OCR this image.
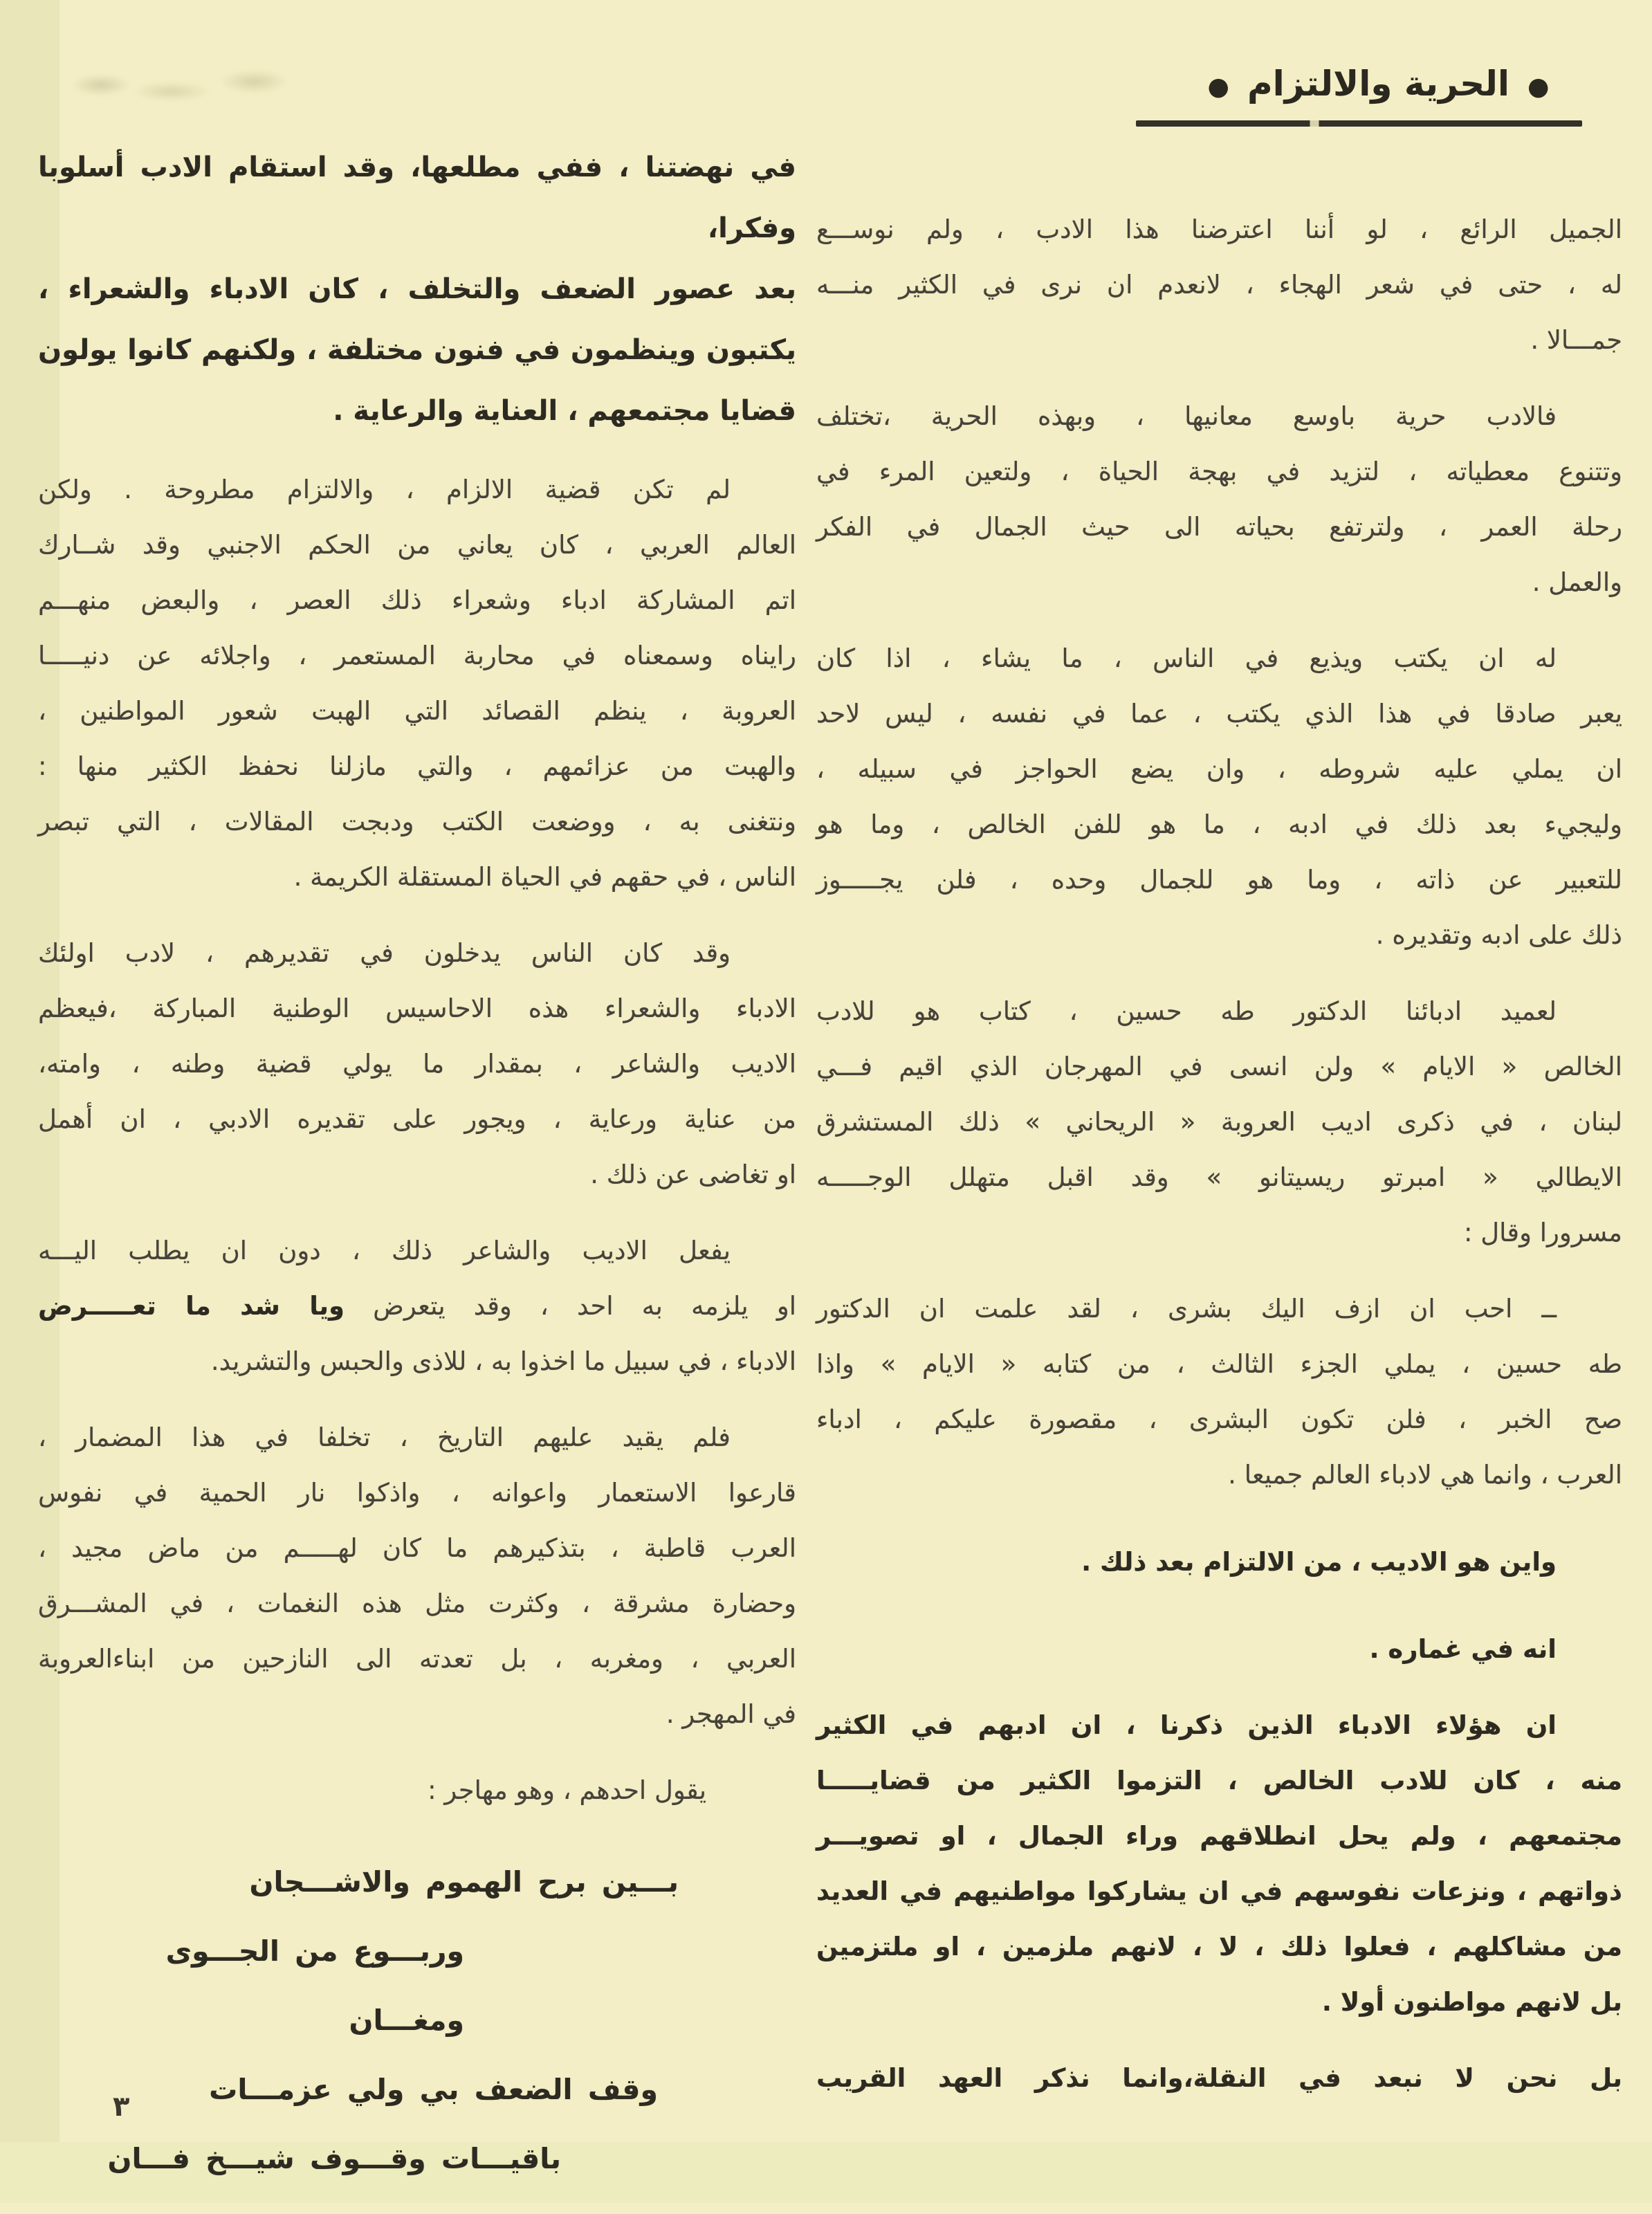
●
الحرية والالتزام
●
الجميل الرائع ، لو أننا اعترضنا هذا الادب ، ولم نوســـع
له ، حتى في شعر الهجاء ، لانعدم ان نرى في الكثير منـــه
جمـــالا .
فالادب حرية باوسع معانيها ، وبهذه الحرية ،تختلف
وتتنوع معطياته ، لتزيد في بهجة الحياة ، ولتعين المرء في
رحلة العمر ، ولترتفع بحياته الى حيث الجمال في الفكر
والعمل .
له ان يكتب ويذيع في الناس ، ما يشاء ، اذا كان
يعبر صادقا في هذا الذي يكتب ، عما في نفسه ، ليس لاحد
ان يملي عليه شروطه ، وان يضع الحواجز في سبيله ،
وليجيء بعد ذلك في ادبه ، ما هو للفن الخالص ، وما هو
للتعبير عن ذاته ، وما هو للجمال وحده ، فلن يجـــــوز
ذلك على ادبه وتقديره .
لعميد ادبائنا الدكتور طه حسين ، كتاب هو للادب
الخالص « الايام » ولن انسى في المهرجان الذي اقيم فـــي
لبنان ، في ذكرى اديب العروبة « الريحاني » ذلك المستشرق
الايطالي « امبرتو ريسيتانو » وقد اقبل متهلل الوجـــــه
مسرورا وقال :
ــ احب ان ازف اليك بشرى ، لقد علمت ان الدكتور
طه حسين ، يملي الجزء الثالث ، من كتابه « الايام » واذا
صح الخبر ، فلن تكون البشرى ، مقصورة عليكم ، ادباء
العرب ، وانما هي لادباء العالم جميعا .
واين هو الاديب ، من الالتزام بعد ذلك .
انه في غماره .
ان هؤلاء الادباء الذين ذكرنا ، ان ادبهم في الكثير
منه ، كان للادب الخالص ، التزموا الكثير من قضايـــــا
مجتمعهم ، ولم يحل انطلاقهم وراء الجمال ، او تصويـــر
ذواتهم ، ونزعات نفوسهم في ان يشاركوا مواطنيهم في العديد
من مشاكلهم ، فعلوا ذلك ، لا ، لانهم ملزمين ، او ملتزمين
بل لانهم مواطنون أولا .
بل نحن لا نبعد في النقلة،وانما نذكر العهد القريب
في نهضتنا ، ففي مطلعها، وقد استقام الادب أسلوبا وفكرا،
بعد عصور الضعف والتخلف ، كان الادباء والشعراء ،
يكتبون وينظمون في فنون مختلفة ، ولكنهم كانوا يولون
قضايا مجتمعهم ، العناية والرعاية .
لم تكن قضية الالزام ، والالتزام مطروحة . ولكن
العالم العربي ، كان يعاني من الحكم الاجنبي وقد شــارك
اتم المشاركة ادباء وشعراء ذلك العصر ، والبعض منهـــم
رايناه وسمعناه في محاربة المستعمر ، واجلائه عن دنيـــــا
العروبة ، ينظم القصائد التي الهبت شعور المواطنين ،
والهبت من عزائمهم ، والتي مازلنا نحفظ الكثير منها :
ونتغنى به ، ووضعت الكتب ودبجت المقالات ، التي تبصر
الناس ، في حقهم في الحياة المستقلة الكريمة .
وقد كان الناس يدخلون في تقديرهم ، لادب اولئك
الادباء والشعراء هذه الاحاسيس الوطنية المباركة ،فيعظم
الاديب والشاعر ، بمقدار ما يولي قضية وطنه ، وامته،
من عناية ورعاية ، ويجور على تقديره الادبي ، ان أهمل
او تغاضى عن ذلك .
يفعل الاديب والشاعر ذلك ، دون ان يطلب اليـــه
او يلزمه به احد ، وقد يتعرض ويا شد ما تعـــــرض
الادباء ، في سبيل ما اخذوا به ، للاذى والحبس والتشريد.
فلم يقيد عليهم التاريخ ، تخلفا في هذا المضمار ،
قارعوا الاستعمار واعوانه ، واذكوا نار الحمية في نفوس
العرب قاطبة ، بتذكيرهم ما كان لهـــــم من ماض مجيد ،
وحضارة مشرقة ، وكثرت مثل هذه النغمات ، في المشـــرق
العربي ، ومغربه ، بل تعدته الى النازحين من ابناءالعروبة
في المهجر .
يقول احدهم ، وهو مهاجر :
بـــين برح الهموم والاشـــجان
وربـــوع من الجـــوى ومغـــان
وقف الضعف بي ولي عزمـــات
باقيـــات وقـــوف شيـــخ فـــان
٣
